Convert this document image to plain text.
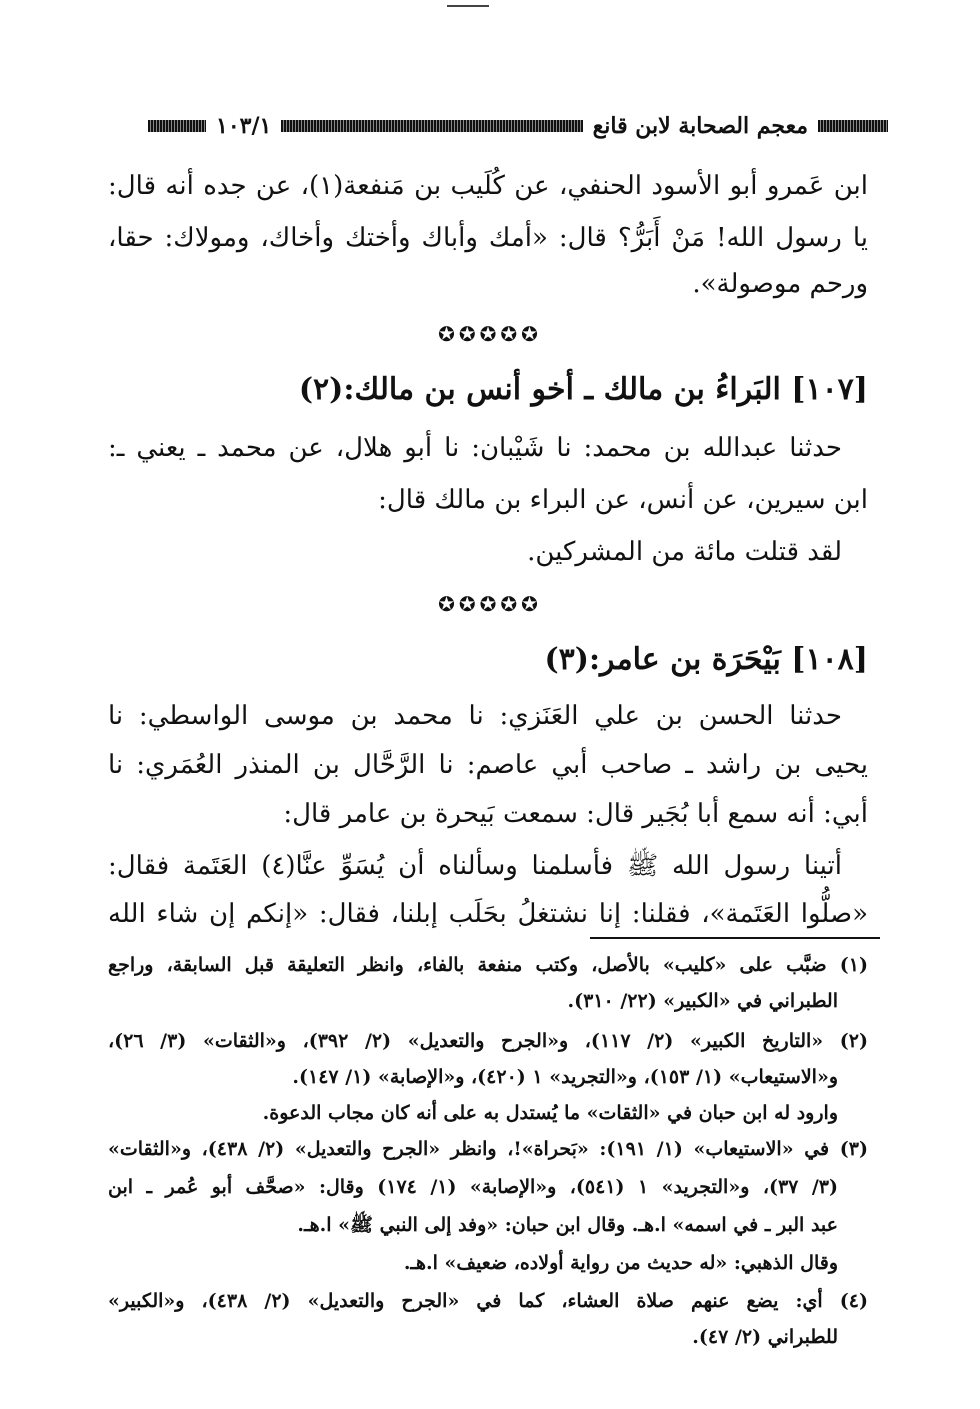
معجم الصحابة لابن قانع
١٠٣/١
ابن عَمرو أبو الأسود الحنفي، عن كُلَيب بن مَنفعة(١)، عن جده أنه قال:
يا رسول الله! مَنْ أَبَرُّ؟ قال: «أمك وأباك وأختك وأخاك، ومولاك: حقا،
ورحم موصولة».
✪✪✪✪✪
[١٠٧] البَراءُ بن مالك ـ أخو أنس بن مالك:(٢)
حدثنا عبدالله بن محمد: نا شَيْبان: نا أبو هلال، عن محمد ـ يعني ـ:
ابن سيرين، عن أنس، عن البراء بن مالك قال:
لقد قتلت مائة من المشركين.
✪✪✪✪✪
[١٠٨] بَيْحَرَة بن عامر:(٣)
حدثنا الحسن بن علي العَنَزي: نا محمد بن موسى الواسطي: نا
يحيى بن راشد ـ صاحب أبي عاصم: نا الرَّحَّال بن المنذر العُمَري: نا
أبي: أنه سمع أبا بُجَير قال: سمعت بَيحرة بن عامر قال:
أتينا رسول الله ﷺ فأسلمنا وسألناه أن يُسَوِّ عنَّا(٤) العَتَمة فقال:
«صلُّوا العَتَمة»، فقلنا: إنا نشتغلُ بحَلَب إبلنا، فقال: «إنكم إن شاء الله
(١) ضبَّب على «كليب» بالأصل، وكتب منفعة بالفاء، وانظر التعليقة قبل السابقة، وراجع
الطبراني في «الكبير» (٢٢/ ٣١٠).
(٢) «التاريخ الكبير» (٢/ ١١٧)، و«الجرح والتعديل» (٢/ ٣٩٢)، و«الثقات» (٣/ ٢٦)،
و«الاستيعاب» (١/ ١٥٣)، و«التجريد» ١ (٤٢٠)، و«الإصابة» (١/ ١٤٧).
وارود له ابن حبان في «الثقات» ما يُستدل به على أنه كان مجاب الدعوة.
(٣) في «الاستيعاب» (١/ ١٩١): «بَحراة»!، وانظر «الجرح والتعديل» (٢/ ٤٣٨)، و«الثقات»
(٣/ ٣٧)، و«التجريد» ١ (٥٤١)، و«الإصابة» (١/ ١٧٤) وقال: «صحَّف أبو عُمر ـ ابن
عبد البر ـ في اسمه» ا.هـ. وقال ابن حبان: «وفد إلى النبي ﷺ» ا.هـ.
وقال الذهبي: «له حديث من رواية أولاده، ضعيف» ا.هـ.
(٤) أي: يضع عنهم صلاة العشاء، كما في «الجرح والتعديل» (٢/ ٤٣٨)، و«الكبير»
للطبراني (٢/ ٤٧).
